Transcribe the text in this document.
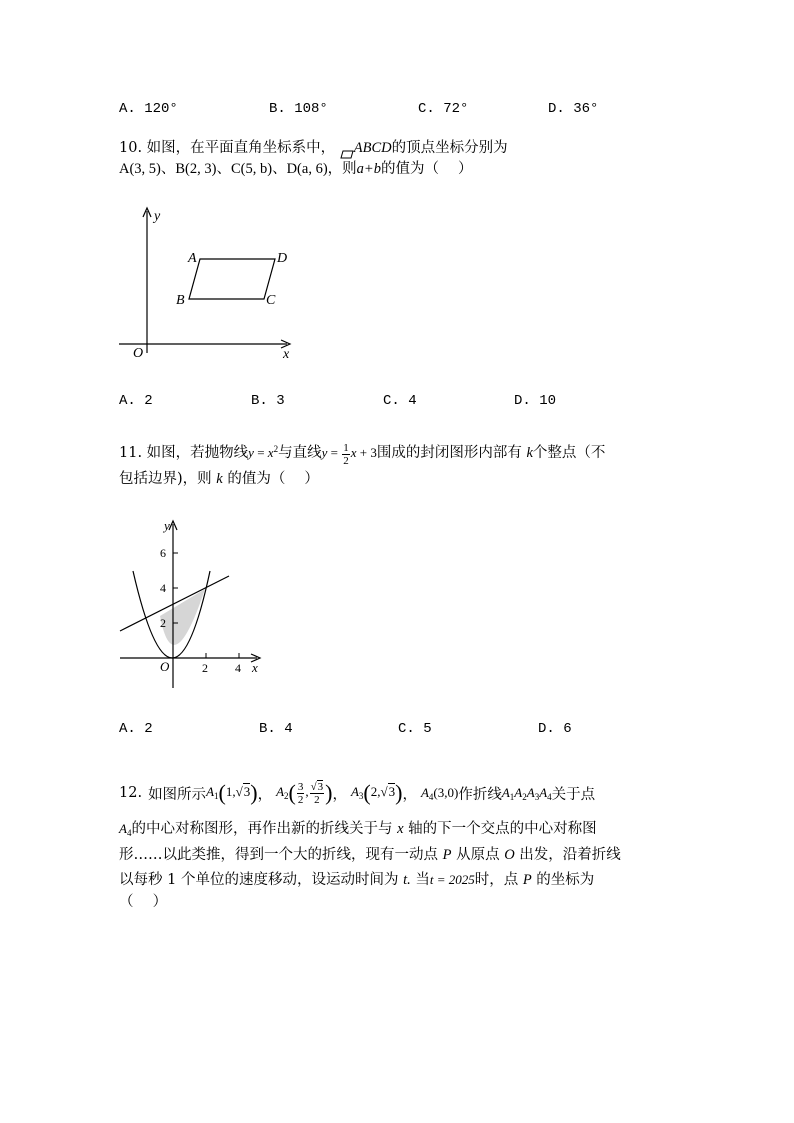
A. 120°	B. 108°	C. 72°	D. 36°
10. 如图，在平面直角坐标系中， ABCD的顶点坐标分别为
A(3, 5)、B(2, 3)、C(5, b)、D(a, 6)，则a+b的值为（　 ）
y
x
O
A	D
B	C
A. 2	B. 3	C. 4	D. 10
11. 如图，若抛物线$y = x^2$与直线$y = \frac{1}{2}$ x + 3围成的封闭图形内部有 k个整点（不
包括边界)，则 k 的值为（　 ）
y
x
O
6
4
2
2 4
A. 2	B. 4	C. 5	D. 6
12. 如图所示 $A_1(1,√3)$ ， $A_2( \frac{3}{2}$ , $\frac{√3}{2}$ ) ， $A_3(2,√3)$ ， $A_4(3,0)$ 作折线 $A_1A_2A_3A_4$ 关于点
$A_4$的中心对称图形，再作出新的折线关于与 x 轴的下一个交点的中心对称图
形……以此类推，得到一个大的折线，现有一动点 P 从原点 O 出发，沿着折线
以每秒 1 个单位的速度移动，设运动时间为 t. 当t = 2025时，点 P 的坐标为
（　 ）
